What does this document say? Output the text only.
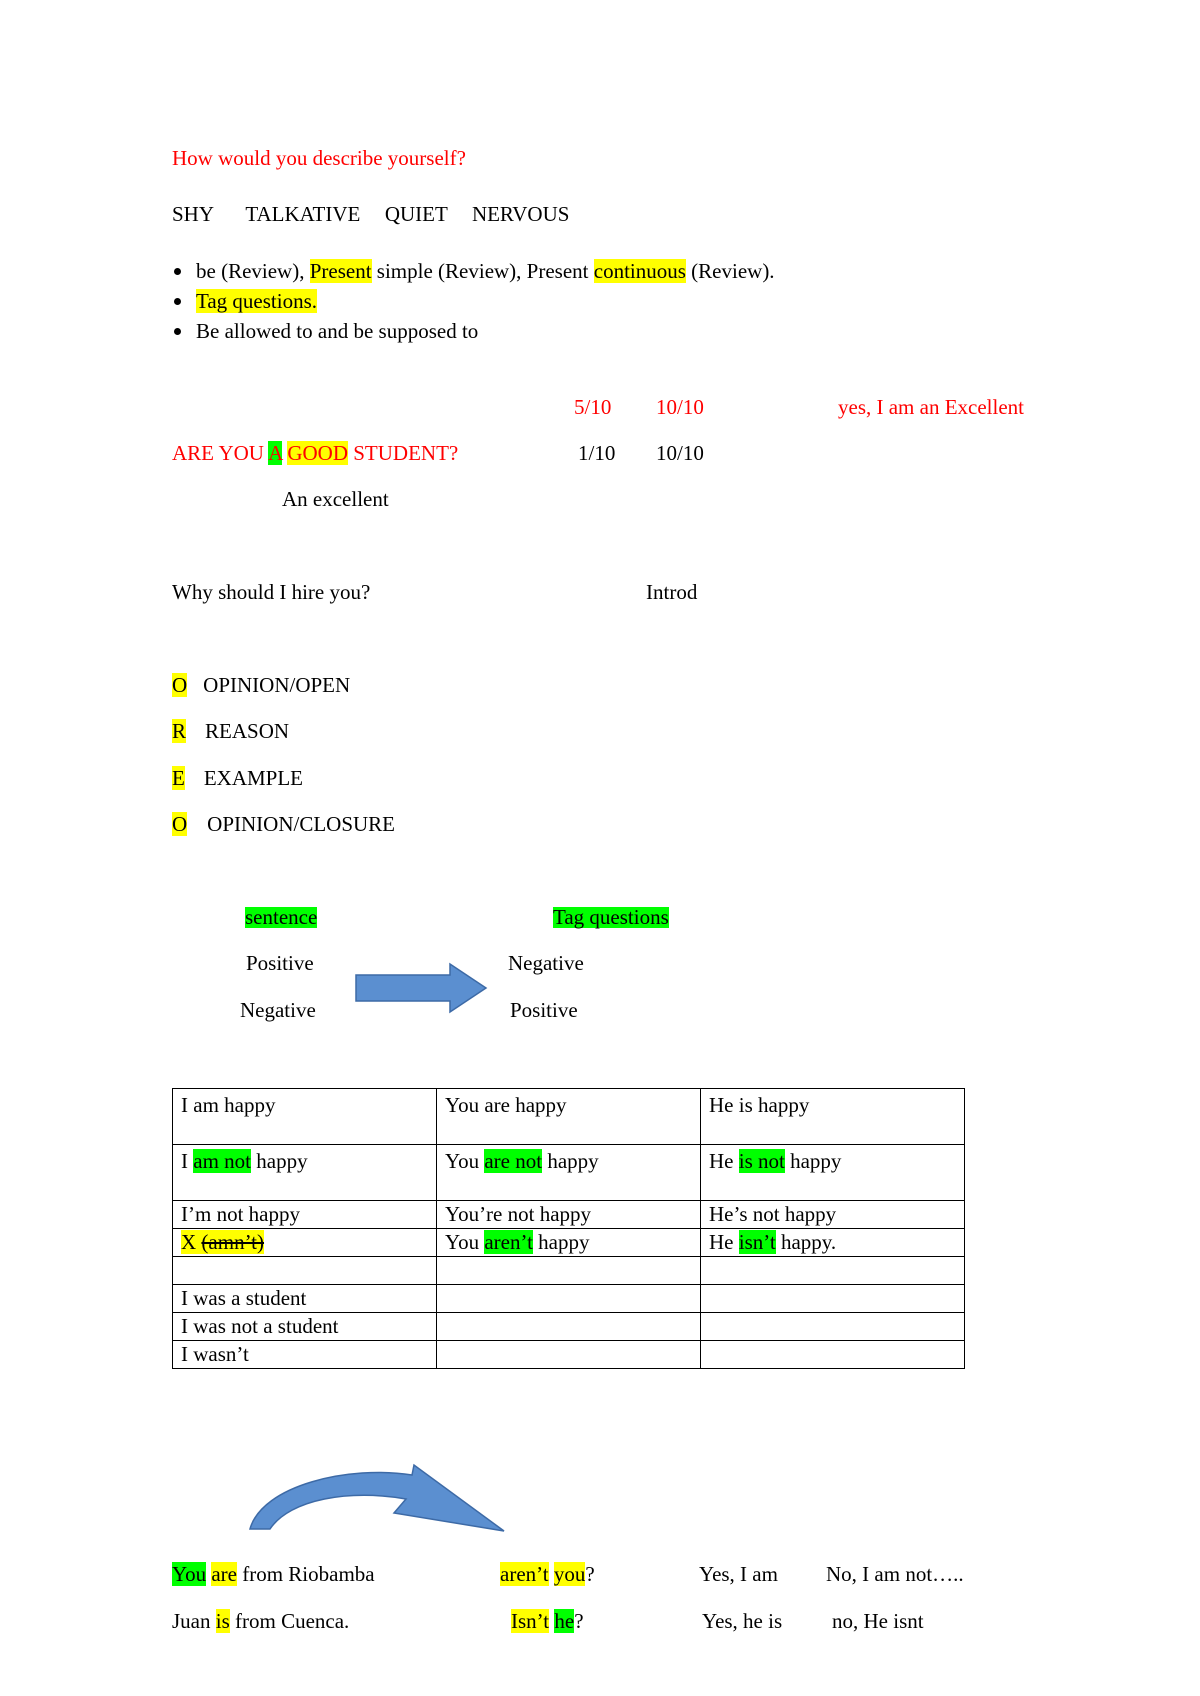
How would you describe yourself?
SHY TALKATIVE QUIET NERVOUS
be (Review), Present simple (Review), Present continuous (Review).
Tag questions.
Be allowed to and be supposed to
5/10 10/10	yes, I am an Excellent
ARE YOU A GOOD STUDENT?	1/10 10/10
An excellent
Why should I hire you?	Introd
O OPINION/OPEN
R REASON
E EXAMPLE
O OPINION/CLOSURE
sentence	Tag questions
Positive
Negative
Negative
Positive
I am happy	You are happy	He is happy
I am not happy	You are not happy	He is not happy
I’m not happy	You’re not happy	He’s not happy
X (amn’t)	You aren’t happy	He isn’t happy.

I was a student		
I was not a student		
I wasn’t		
You are from Riobamba	aren’t you?	Yes, I am No, I am not…..
Juan is from Cuenca.	Isn’t he?	Yes, he is no, He isnt
